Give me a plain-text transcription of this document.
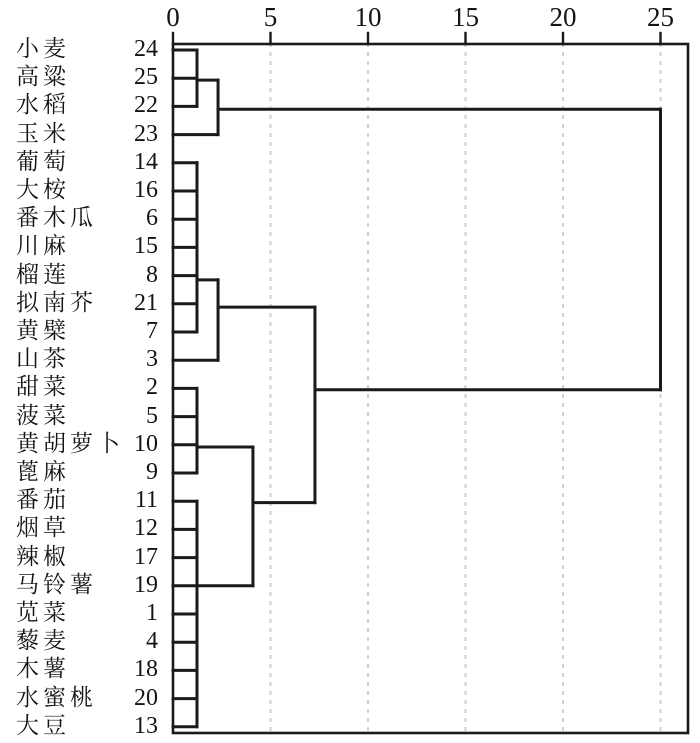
0	5	10	15	20	25
小麦	24
高粱	25
水稻	22
玉米	23
葡萄	14
大桉	16
番木瓜 6
川麻	15
榴莲	8
拟南芥 21
黄檗	7
山茶	3
甜菜	2
菠菜	5
黄胡萝卜 10
蓖麻	9
番茄	11
烟草	12
辣椒	17
马铃薯 19
苋菜	1
藜麦	4
木薯	18
水蜜桃 20
大豆	13
